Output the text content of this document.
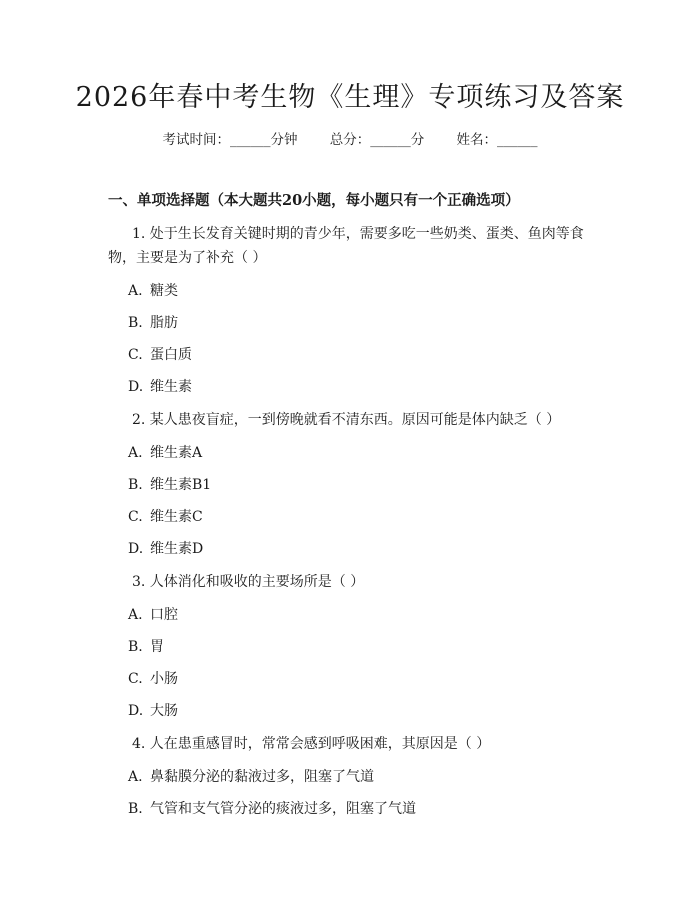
2026年春中考生物《生理》专项练习及答案
考试时间：______分钟 总分：______分 姓名：______
一、单项选择题（本大题共20小题，每小题只有一个正确选项）

1. 处于生长发育关键时期的青少年，需要多吃一些奶类、蛋类、鱼肉等食物，主要是为了补充（ ）

A. 糖类

B. 脂肪

C. 蛋白质

D. 维生素

2. 某人患夜盲症，一到傍晚就看不清东西。原因可能是体内缺乏（ ）

A. 维生素A

B. 维生素B1

C. 维生素C

D. 维生素D

3. 人体消化和吸收的主要场所是（ ）

A. 口腔

B. 胃

C. 小肠

D. 大肠

4. 人在患重感冒时，常常会感到呼吸困难，其原因是（ ）

A. 鼻黏膜分泌的黏液过多，阻塞了气道

B. 气管和支气管分泌的痰液过多，阻塞了气道
